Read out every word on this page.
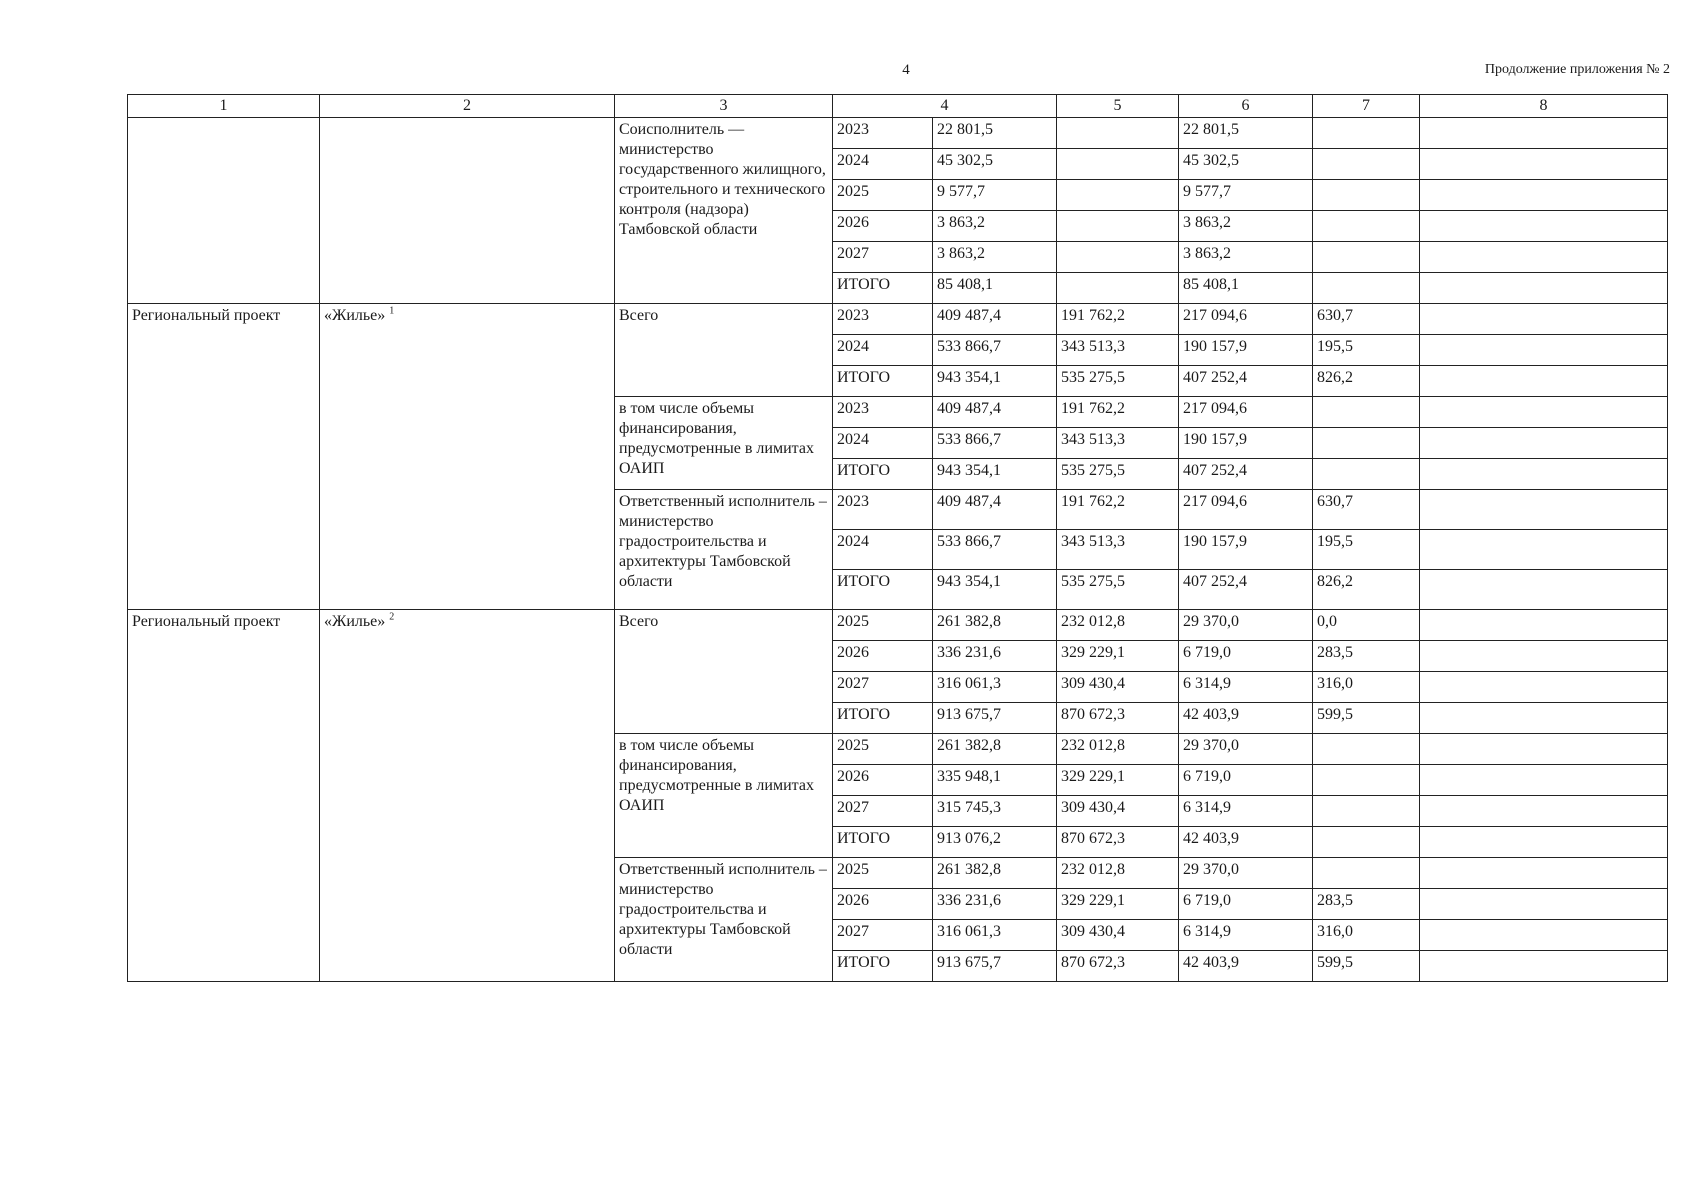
4	Продолжение приложения № 2
1	2	3	4		5	6	7	8
		Соисполнитель — министерство государственного жилищного, строительного и технического контроля (надзора) Тамбовской области	2023	22 801,5		22 801,5		
			2024	45 302,5		45 302,5		
			2025	9 577,7		9 577,7		
			2026	3 863,2		3 863,2		
			2027	3 863,2		3 863,2		
			ИТОГО	85 408,1		85 408,1		
Региональный проект	«Жилье» $^1$	Всего	2023	409 487,4	191 762,2	217 094,6	630,7	
			2024	533 866,7	343 513,3	190 157,9	195,5	
			ИТОГО	943 354,1	535 275,5	407 252,4	826,2	
		в том числе объемы финансирования, предусмотренные в лимитах ОАИП	2023	409 487,4	191 762,2	217 094,6		
			2024	533 866,7	343 513,3	190 157,9		
			ИТОГО	943 354,1	535 275,5	407 252,4		
		Ответственный исполнитель – министерство градостроительства и архитектуры Тамбовской области	2023	409 487,4	191 762,2	217 094,6	630,7	
			2024	533 866,7	343 513,3	190 157,9	195,5	
			ИТОГО	943 354,1	535 275,5	407 252,4	826,2	
Региональный проект	«Жилье» $^2$	Всего	2025	261 382,8	232 012,8	29 370,0	0,0	
			2026	336 231,6	329 229,1	6 719,0	283,5	
			2027	316 061,3	309 430,4	6 314,9	316,0	
			ИТОГО	913 675,7	870 672,3	42 403,9	599,5	
		в том числе объемы финансирования, предусмотренные в лимитах ОАИП	2025	261 382,8	232 012,8	29 370,0		
			2026	335 948,1	329 229,1	6 719,0		
			2027	315 745,3	309 430,4	6 314,9		
			ИТОГО	913 076,2	870 672,3	42 403,9		
		Ответственный исполнитель – министерство градостроительства и архитектуры Тамбовской области	2025	261 382,8	232 012,8	29 370,0		
			2026	336 231,6	329 229,1	6 719,0	283,5	
			2027	316 061,3	309 430,4	6 314,9	316,0	
			ИТОГО	913 675,7	870 672,3	42 403,9	599,5	
